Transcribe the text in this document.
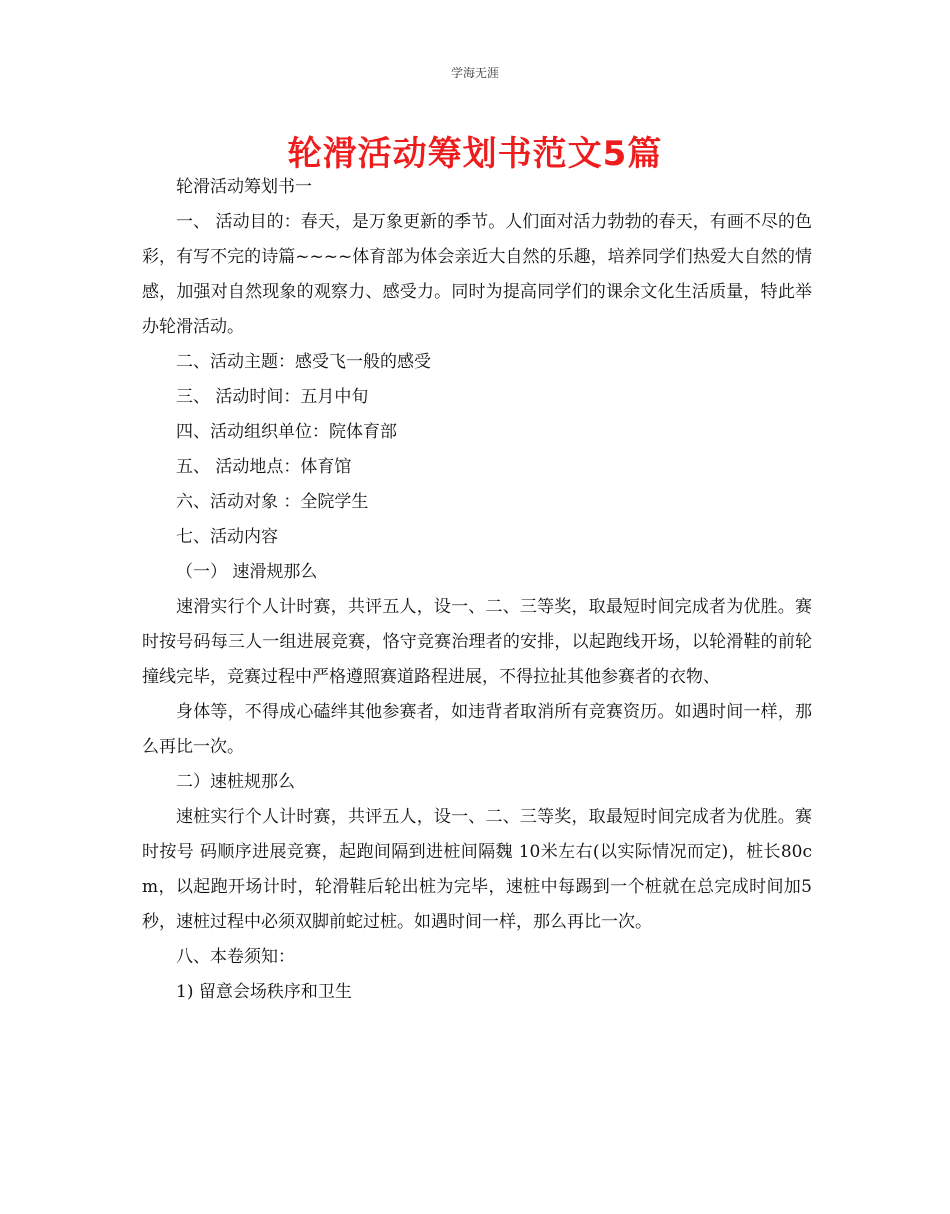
学海无涯
轮滑活动筹划书范文5篇

轮滑活动筹划书一

一、 活动目的：春天，是万象更新的季节。人们面对活力勃勃的春天，有画不尽的色彩，有写不完的诗篇~~~~体育部为体会亲近大自然的乐趣，培养同学们热爱大自然的情感，加强对自然现象的观察力、感受力。同时为提高同学们的课余文化生活质量，特此举办轮滑活动。

二、活动主题：感受飞一般的感受

三、 活动时间：五月中旬

四、活动组织单位：院体育部

五、 活动地点：体育馆

六、活动对象 ：全院学生

七、活动内容

（一） 速滑规那么

速滑实行个人计时赛，共评五人，设一、二、三等奖，取最短时间完成者为优胜。赛时按号码每三人一组进展竞赛，恪守竞赛治理者的安排，以起跑线开场，以轮滑鞋的前轮撞线完毕，竞赛过程中严格遵照赛道路程进展，不得拉扯其他参赛者的衣物、

身体等，不得成心磕绊其他参赛者，如违背者取消所有竞赛资历。如遇时间一样，那么再比一次。

二）速桩规那么

速桩实行个人计时赛，共评五人，设一、二、三等奖，取最短时间完成者为优胜。赛时按号 码顺序进展竞赛，起跑间隔到进桩间隔魏 10米左右(以实际情况而定)，桩长80cm，以起跑开场计时，轮滑鞋后轮出桩为完毕，速桩中每踢到一个桩就在总完成时间加5秒，速桩过程中必须双脚前蛇过桩。如遇时间一样，那么再比一次。

八、本卷须知：

1) 留意会场秩序和卫生
